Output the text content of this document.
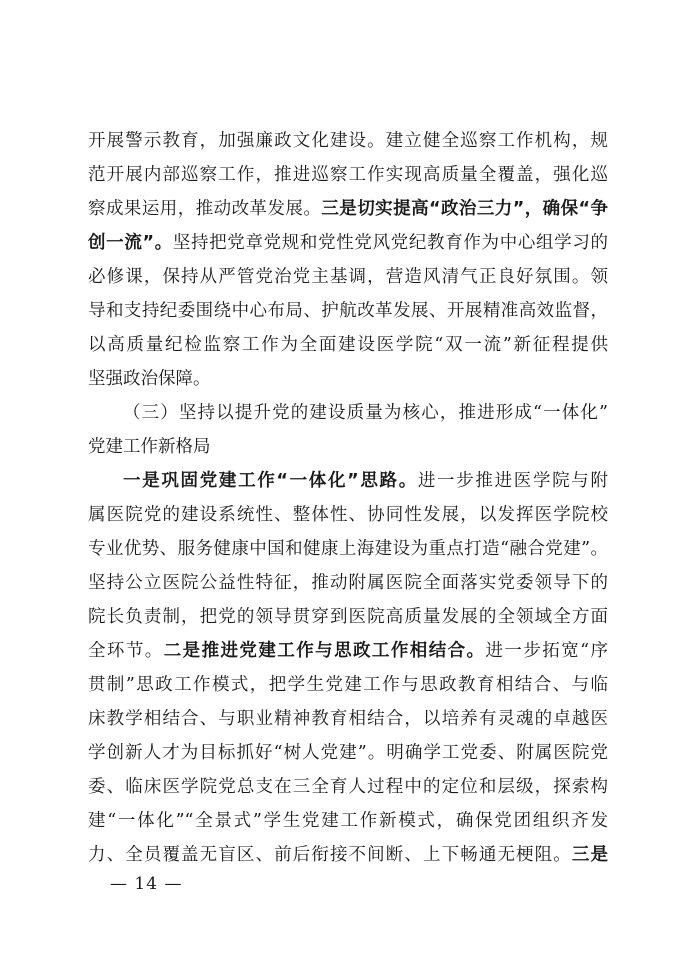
开展警示教育，加强廉政文化建设。建立健全巡察工作机构，规
范开展内部巡察工作，推进巡察工作实现高质量全覆盖，强化巡
察成果运用，推动改革发展。三是切实提高“政治三力”，确保“争
创一流”。坚持把党章党规和党性党风党纪教育作为中心组学习的
必修课，保持从严管党治党主基调，营造风清气正良好氛围。领
导和支持纪委围绕中心布局、护航改革发展、开展精准高效监督，
以高质量纪检监察工作为全面建设医学院“双一流”新征程提供
坚强政治保障。
（三）坚持以提升党的建设质量为核心，推进形成“一体化”
党建工作新格局
一是巩固党建工作“一体化”思路。进一步推进医学院与附
属医院党的建设系统性、整体性、协同性发展，以发挥医学院校
专业优势、服务健康中国和健康上海建设为重点打造“融合党建”。
坚持公立医院公益性特征，推动附属医院全面落实党委领导下的
院长负责制，把党的领导贯穿到医院高质量发展的全领域全方面
全环节。二是推进党建工作与思政工作相结合。进一步拓宽“序
贯制”思政工作模式，把学生党建工作与思政教育相结合、与临
床教学相结合、与职业精神教育相结合，以培养有灵魂的卓越医
学创新人才为目标抓好“树人党建”。明确学工党委、附属医院党
委、临床医学院党总支在三全育人过程中的定位和层级，探索构
建“一体化”“全景式”学生党建工作新模式，确保党团组织齐发
力、全员覆盖无盲区、前后衔接不间断、上下畅通无梗阻。三是
— 14 —
